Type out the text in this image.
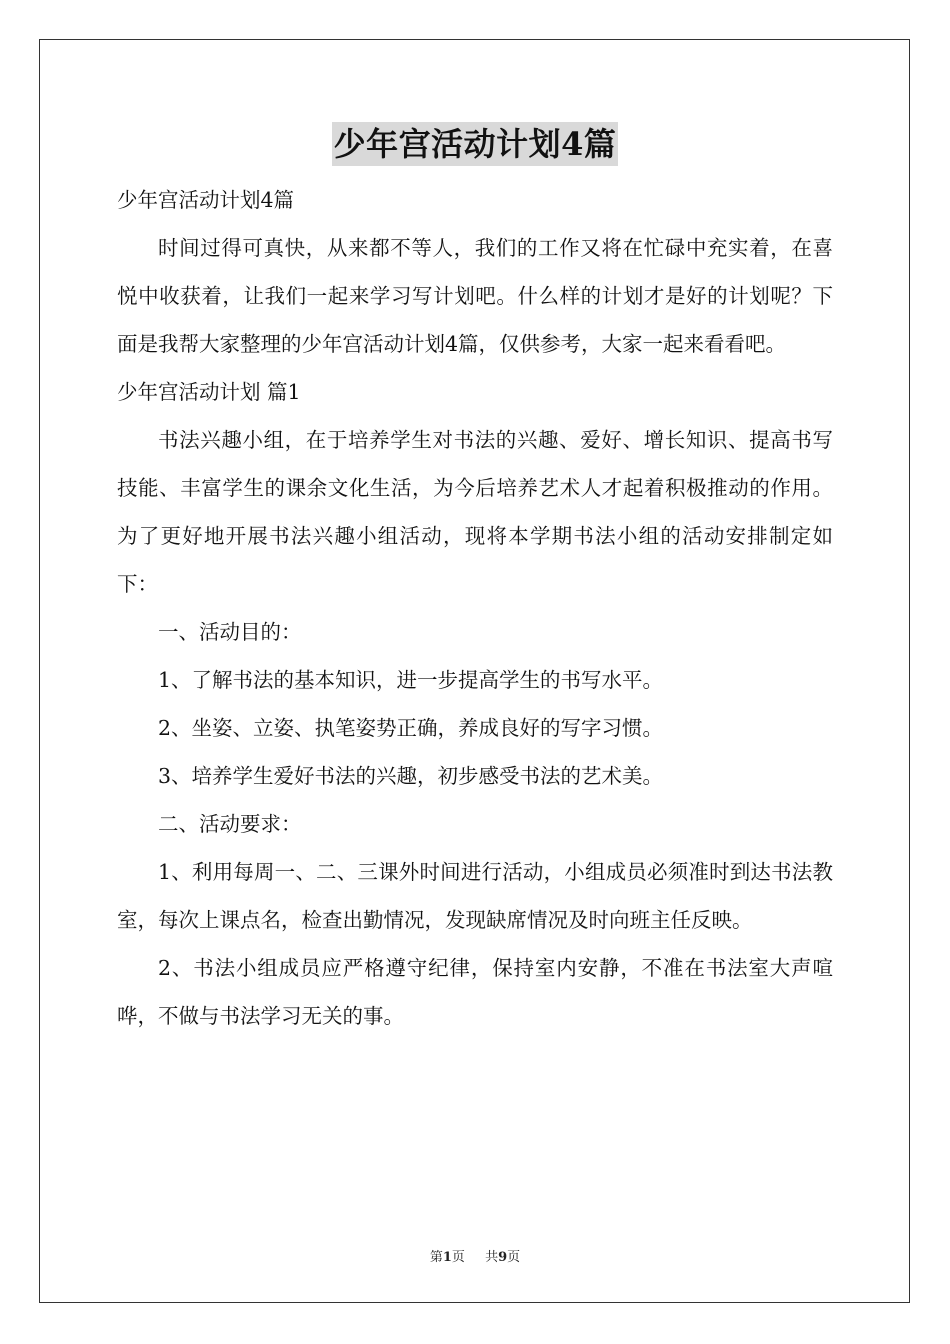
少年宫活动计划4篇

少年宫活动计划4篇

时间过得可真快，从来都不等人，我们的工作又将在忙碌中充实着，在喜悦中收获着，让我们一起来学习写计划吧。什么样的计划才是好的计划呢？下面是我帮大家整理的少年宫活动计划4篇，仅供参考，大家一起来看看吧。

少年宫活动计划 篇1

书法兴趣小组，在于培养学生对书法的兴趣、爱好、增长知识、提高书写技能、丰富学生的课余文化生活，为今后培养艺术人才起着积极推动的作用。为了更好地开展书法兴趣小组活动，现将本学期书法小组的活动安排制定如下：

一、活动目的：

1、了解书法的基本知识，进一步提高学生的书写水平。

2、坐姿、立姿、执笔姿势正确，养成良好的写字习惯。

3、培养学生爱好书法的兴趣，初步感受书法的艺术美。

二、活动要求：

1、利用每周一、二、三课外时间进行活动，小组成员必须准时到达书法教室，每次上课点名，检查出勤情况，发现缺席情况及时向班主任反映。

2、书法小组成员应严格遵守纪律，保持室内安静，不准在书法室大声喧哗，不做与书法学习无关的事。

第1页 共9页
